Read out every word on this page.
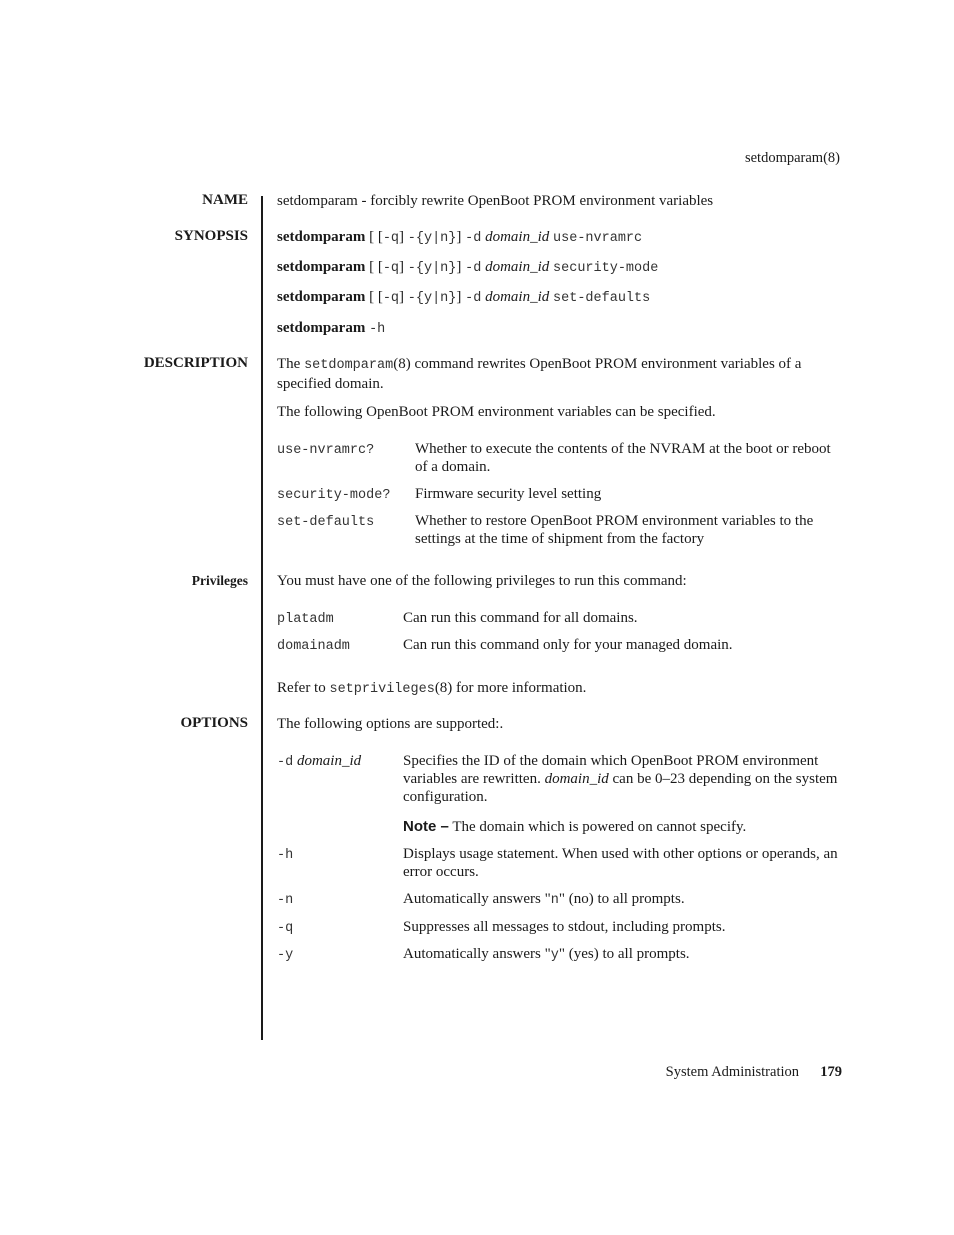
setdomparam(8)
NAME setdomparam - forcibly rewrite OpenBoot PROM environment variables
SYNOPSIS setdomparam [ [-q] -{y|n}] -d domain_id use-nvramrc
setdomparam [ [-q] -{y|n}] -d domain_id security-mode
setdomparam [ [-q] -{y|n}] -d domain_id set-defaults
setdomparam -h
DESCRIPTION The setdomparam(8) command rewrites OpenBoot PROM environment variables of a specified domain.
The following OpenBoot PROM environment variables can be specified.
use-nvramrc?	Whether to execute the contents of the NVRAM at the boot or reboot of a domain.
security-mode? Firmware security level setting
set-defaults	Whether to restore OpenBoot PROM environment variables to the settings at the time of shipment from the factory
Privileges You must have one of the following privileges to run this command:
platadm	Can run this command for all domains.
domainadm	Can run this command only for your managed domain.
Refer to setprivileges(8) for more information.
OPTIONS The following options are supported:.
-d domain_id	Specifies the ID of the domain which OpenBoot PROM environment variables are rewritten. domain_id can be 0–23 depending on the system configuration.
Note – The domain which is powered on cannot specify.
-h	Displays usage statement. When used with other options or operands, an error occurs.
-n	Automatically answers "n" (no) to all prompts.
-q	Suppresses all messages to stdout, including prompts.
-y	Automatically answers "y" (yes) to all prompts.
System Administration 179
